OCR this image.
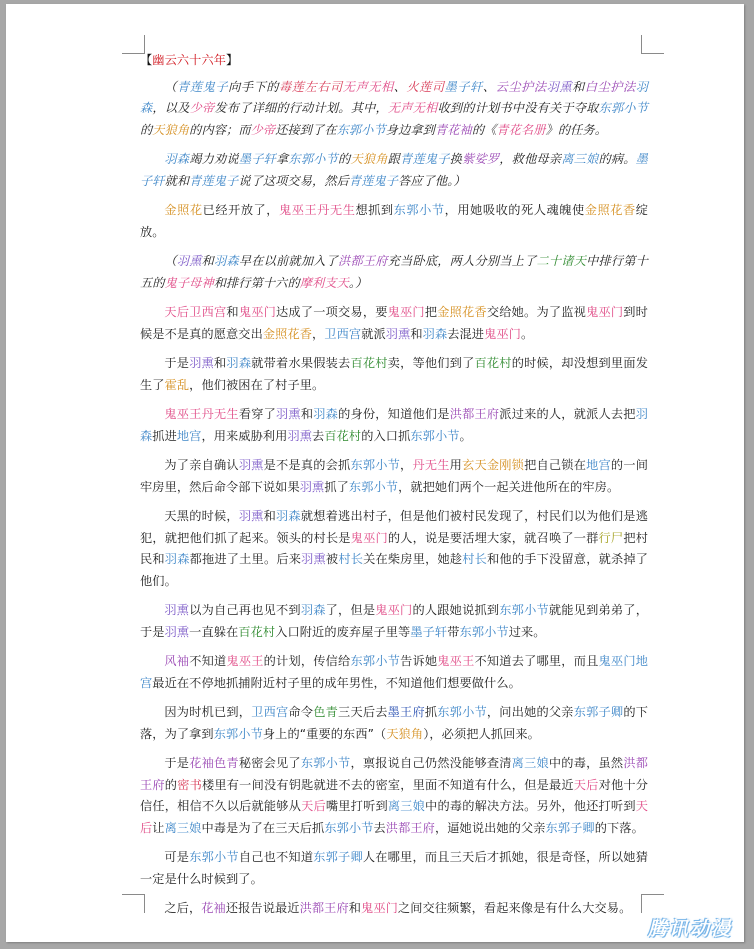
【幽云六十六年】

（青莲鬼子向手下的毒莲左右司无声无相、火莲司墨子轩、云尘护法羽熏和白尘护法羽森，以及少帝发布了详细的行动计划。其中，无声无相收到的计划书中没有关于夺取东郭小节的天狼角的内容；而少帝还接到了在东郭小节身边拿到青花袖的《青花名册》的任务。

羽森竭力劝说墨子轩拿东郭小节的天狼角跟青莲鬼子换紫娑罗，救他母亲离三娘的病。墨子轩就和青莲鬼子说了这项交易，然后青莲鬼子答应了他。）

金照花已经开放了，鬼巫王丹无生想抓到东郭小节，用她吸收的死人魂魄使金照花香绽放。

（羽熏和羽森早在以前就加入了洪都王府充当卧底，两人分别当上了二十诸天中排行第十五的鬼子母神和排行第十六的摩利支天。）

天后卫西宫和鬼巫门达成了一项交易，要鬼巫门把金照花香交给她。为了监视鬼巫门到时候是不是真的愿意交出金照花香，卫西宫就派羽熏和羽森去混进鬼巫门。

于是羽熏和羽森就带着水果假装去百花村卖，等他们到了百花村的时候，却没想到里面发生了霍乱，他们被困在了村子里。

鬼巫王丹无生看穿了羽熏和羽森的身份，知道他们是洪都王府派过来的人，就派人去把羽森抓进地宫，用来威胁利用羽熏去百花村的入口抓东郭小节。

为了亲自确认羽熏是不是真的会抓东郭小节，丹无生用玄天金刚锁把自己锁在地宫的一间牢房里，然后命令部下说如果羽熏抓了东郭小节，就把她们两个一起关进他所在的牢房。

天黑的时候，羽熏和羽森就想着逃出村子，但是他们被村民发现了，村民们以为他们是逃犯，就把他们抓了起来。领头的村长是鬼巫门的人，说是要活埋大家，就召唤了一群行尸把村民和羽森都拖进了土里。后来羽熏被村长关在柴房里，她趁村长和他的手下没留意，就杀掉了他们。

羽熏以为自己再也见不到羽森了，但是鬼巫门的人跟她说抓到东郭小节就能见到弟弟了，于是羽熏一直躲在百花村入口附近的废弃屋子里等墨子轩带东郭小节过来。

风袖不知道鬼巫王的计划，传信给东郭小节告诉她鬼巫王不知道去了哪里，而且鬼巫门地宫最近在不停地抓捕附近村子里的成年男性，不知道他们想要做什么。

因为时机已到，卫西宫命令色青三天后去墨王府抓东郭小节，问出她的父亲东郭子卿的下落，为了拿到东郭小节身上的“重要的东西”（天狼角），必须把人抓回来。

于是花袖色青秘密会见了东郭小节，禀报说自己仍然没能够查清离三娘中的毒，虽然洪都王府的密书楼里有一间没有钥匙就进不去的密室，里面不知道有什么，但是最近天后对他十分信任，相信不久以后就能够从天后嘴里打听到离三娘中的毒的解决方法。另外，他还打听到天后让离三娘中毒是为了在三天后抓东郭小节去洪都王府，逼她说出她的父亲东郭子卿的下落。

可是东郭小节自己也不知道东郭子卿人在哪里，而且三天后才抓她，很是奇怪，所以她猜一定是什么时候到了。

之后，花袖还报告说最近洪都王府和鬼巫门之间交往频繁，看起来像是有什么大交易。

腾讯动漫
